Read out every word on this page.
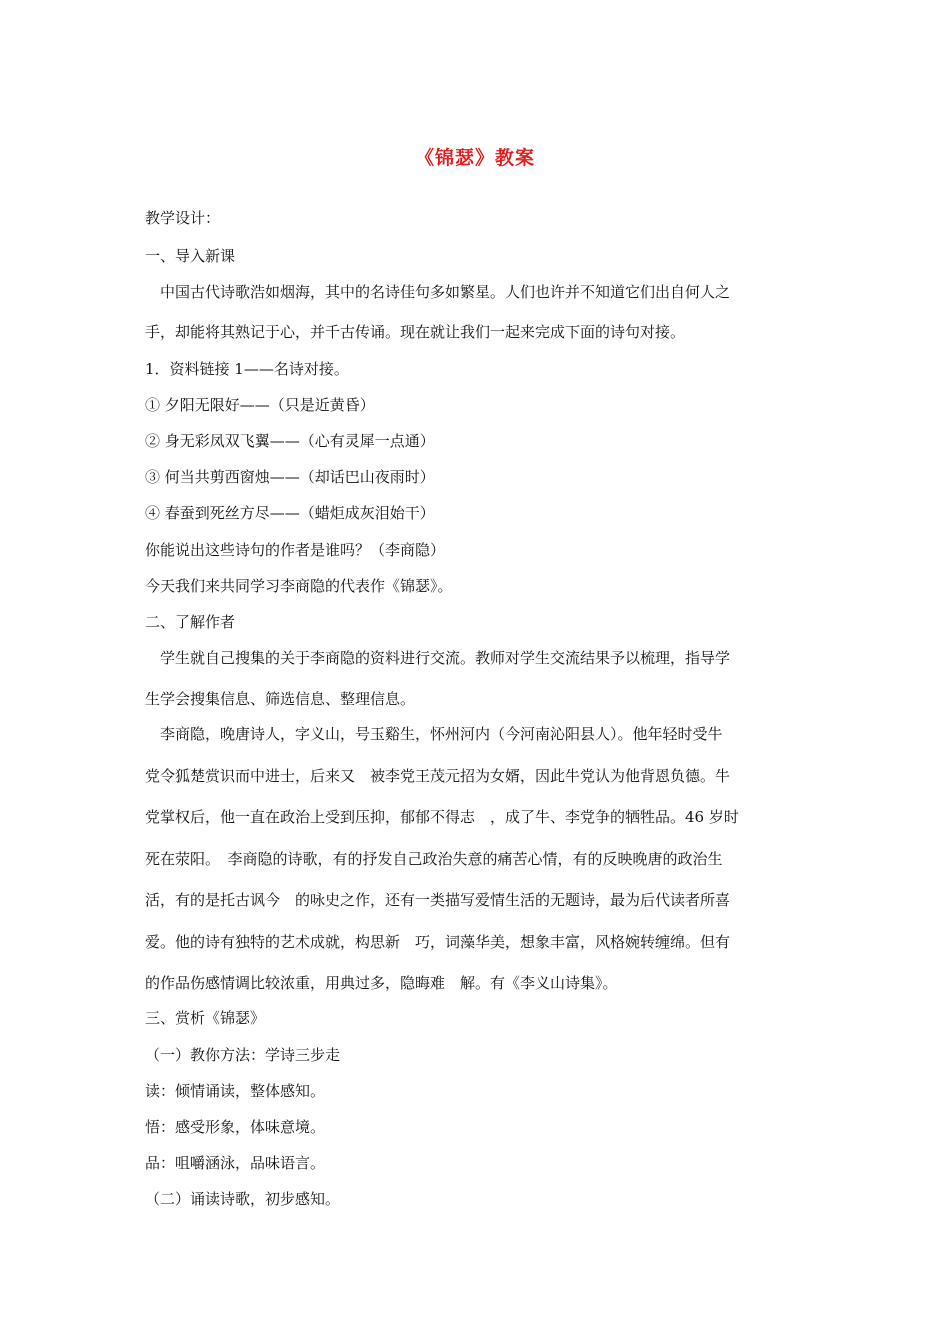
《锦瑟》教案
教学设计：
一、导入新课
中国古代诗歌浩如烟海，其中的名诗佳句多如繁星。人们也许并不知道它们出自何人之
手，却能将其熟记于心，并千古传诵。现在就让我们一起来完成下面的诗句对接。
1．资料链接 1——名诗对接。
① 夕阳无限好——（只是近黄昏）
② 身无彩凤双飞翼——（心有灵犀一点通）
③ 何当共剪西窗烛——（却话巴山夜雨时）
④ 春蚕到死丝方尽——（蜡炬成灰泪始干）
你能说出这些诗句的作者是谁吗？（李商隐）
今天我们来共同学习李商隐的代表作《锦瑟》。
二、了解作者
学生就自己搜集的关于李商隐的资料进行交流。教师对学生交流结果予以梳理，指导学
生学会搜集信息、筛选信息、整理信息。
李商隐，晚唐诗人，字义山，号玉谿生，怀州河内（今河南沁阳县人）。他年轻时受牛
党令狐楚赏识而中进士，后来又　被李党王茂元招为女婿，因此牛党认为他背恩负德。牛
党掌权后，他一直在政治上受到压抑，郁郁不得志　，成了牛、李党争的牺牲品。46 岁时
死在荥阳。　李商隐的诗歌，有的抒发自己政治失意的痛苦心情，有的反映晚唐的政治生
活，有的是托古讽今　的咏史之作，还有一类描写爱情生活的无题诗，最为后代读者所喜
爱。他的诗有独特的艺术成就，构思新　巧，词藻华美，想象丰富，风格婉转缠绵。但有
的作品伤感情调比较浓重，用典过多，隐晦难　解。有《李义山诗集》。
三、赏析《锦瑟》
（一）教你方法：学诗三步走
读：倾情诵读，整体感知。
悟：感受形象，体味意境。
品：咀嚼涵泳，品味语言。
（二）诵读诗歌，初步感知。
